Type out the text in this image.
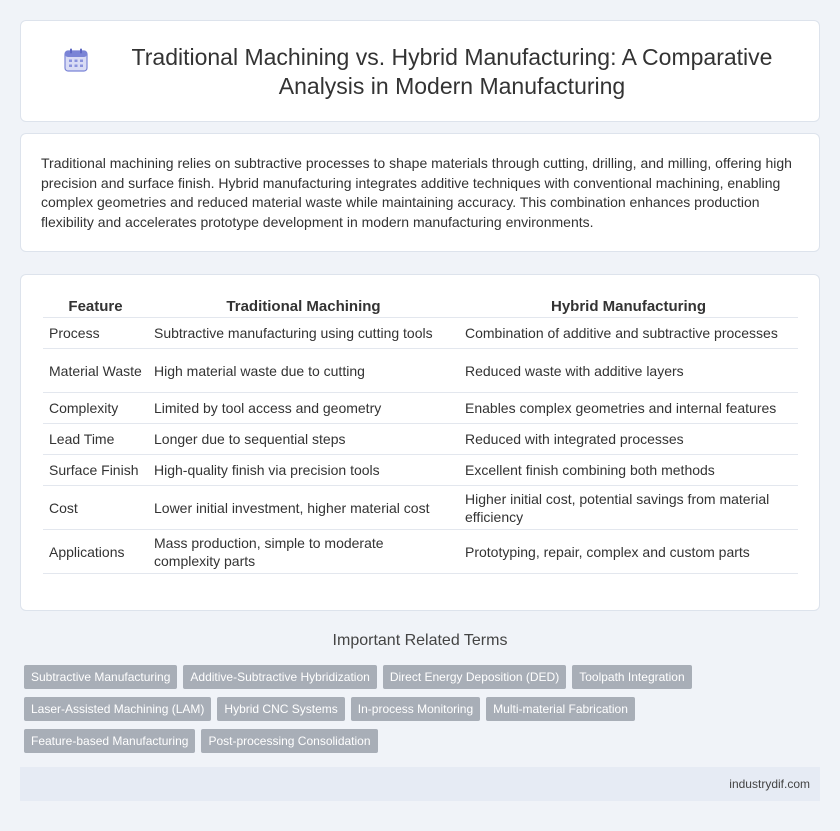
Traditional Machining vs. Hybrid Manufacturing: A Comparative Analysis in Modern Manufacturing

Traditional machining relies on subtractive processes to shape materials through cutting, drilling, and milling, offering high precision and surface finish. Hybrid manufacturing integrates additive techniques with conventional machining, enabling complex geometries and reduced material waste while maintaining accuracy. This combination enhances production flexibility and accelerates prototype development in modern manufacturing environments.

Feature	Traditional Machining	Hybrid Manufacturing
Process	Subtractive manufacturing using cutting tools	Combination of additive and subtractive processes
Material Waste	High material waste due to cutting	Reduced waste with additive layers
Complexity	Limited by tool access and geometry	Enables complex geometries and internal features
Lead Time	Longer due to sequential steps	Reduced with integrated processes
Surface Finish	High-quality finish via precision tools	Excellent finish combining both methods
Cost	Lower initial investment, higher material cost	Higher initial cost, potential savings from material efficiency
Applications	Mass production, simple to moderate complexity parts	Prototyping, repair, complex and custom parts
Important Related Terms
Subtractive Manufacturing	Additive-Subtractive Hybridization	Direct Energy Deposition (DED)	Toolpath Integration
Laser-Assisted Machining (LAM)	Hybrid CNC Systems	In-process Monitoring	Multi-material Fabrication
Feature-based Manufacturing	Post-processing Consolidation
industrydif.com
